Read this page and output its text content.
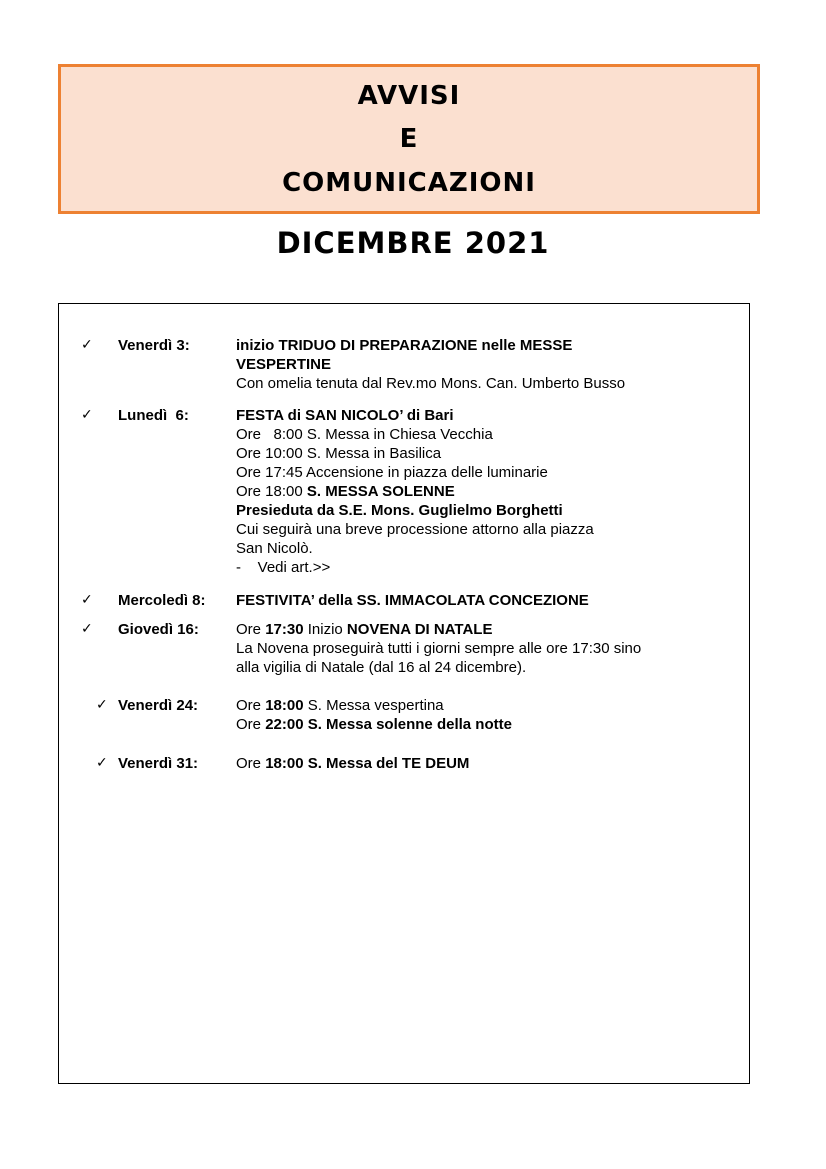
AVVISI
E
COMUNICAZIONI
DICEMBRE 2021
✓ Venerdì 3:	inizio TRIDUO DI PREPARAZIONE nelle MESSE
VESPERTINE
Con omelia tenuta dal Rev.mo Mons. Can. Umberto Busso
✓ Lunedì  6:	FESTA di SAN NICOLO’ di Bari
Ore   8:00 S. Messa in Chiesa Vecchia
Ore 10:00 S. Messa in Basilica
Ore 17:45 Accensione in piazza delle luminarie
Ore 18:00 S. MESSA SOLENNE
Presieduta da S.E. Mons. Guglielmo Borghetti
Cui seguirà una breve processione attorno alla piazza
San Nicolò.
-    Vedi art.>>
✓ Mercoledì 8: FESTIVITA’ della SS. IMMACOLATA CONCEZIONE
✓ Giovedì 16: Ore 17:30 Inizio NOVENA DI NATALE
La Novena proseguirà tutti i giorni sempre alle ore 17:30 sino
alla vigilia di Natale (dal 16 al 24 dicembre).
✓ Venerdì 24:	Ore 18:00 S. Messa vespertina
Ore 22:00 S. Messa solenne della notte
✓ Venerdì 31:	Ore 18:00 S. Messa del TE DEUM
